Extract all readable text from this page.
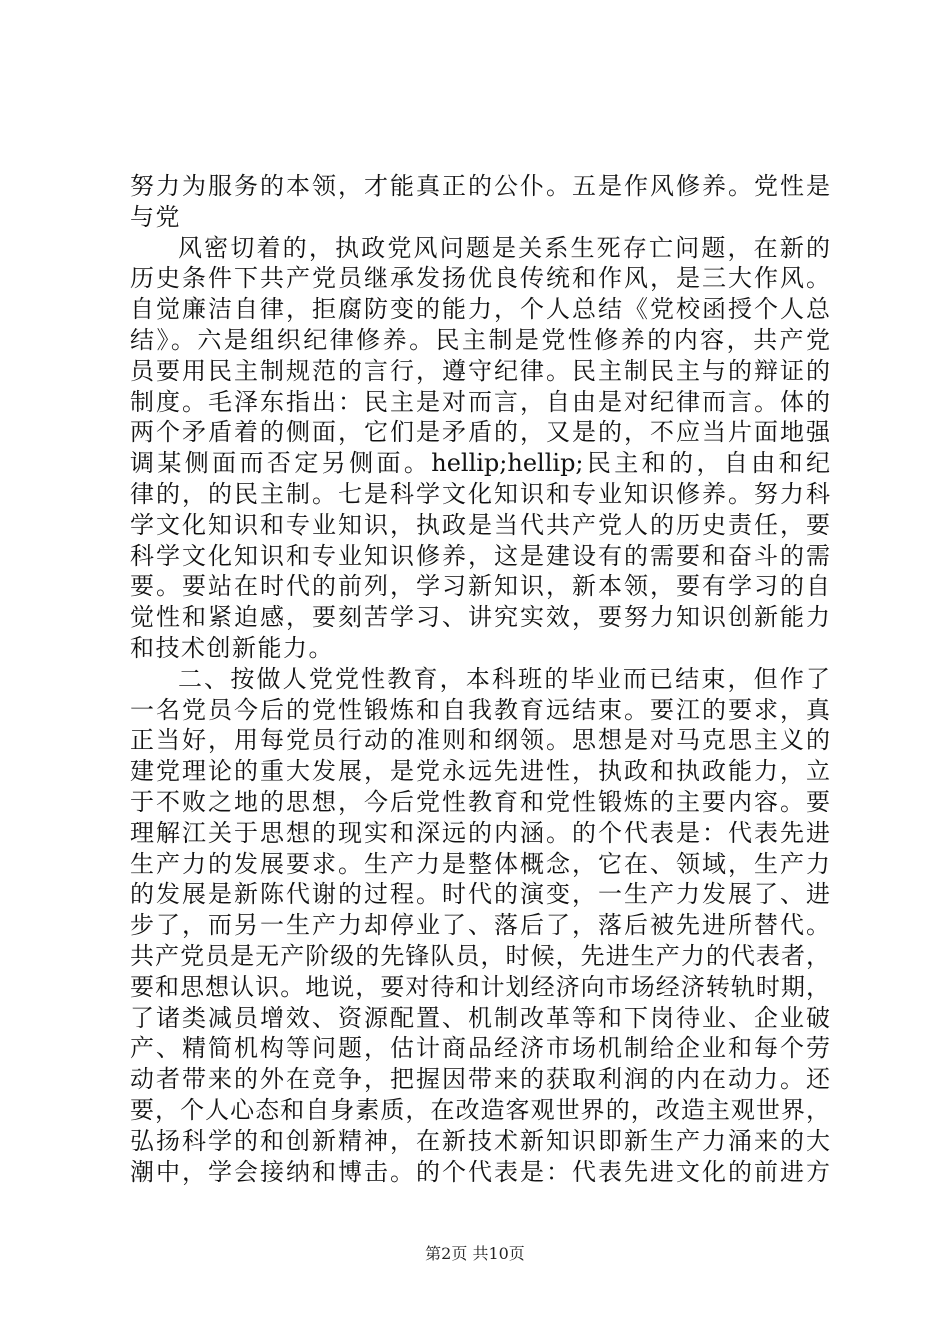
努力为服务的本领，才能真正的公仆。五是作风修养。党性是
与党
风密切着的，执政党风问题是关系生死存亡问题，在新的
历史条件下共产党员继承发扬优良传统和作风，是三大作风。
自觉廉洁自律，拒腐防变的能力，个人总结《党校函授个人总
结》。六是组织纪律修养。民主制是党性修养的内容，共产党
员要用民主制规范的言行，遵守纪律。民主制民主与的辩证的
制度。毛泽东指出：民主是对而言，自由是对纪律而言。体的
两个矛盾着的侧面，它们是矛盾的，又是的，不应当片面地强
调某侧面而否定另侧面。hellip;hellip;民主和的，自由和纪
律的，的民主制。七是科学文化知识和专业知识修养。努力科
学文化知识和专业知识，执政是当代共产党人的历史责任，要
科学文化知识和专业知识修养，这是建设有的需要和奋斗的需
要。要站在时代的前列，学习新知识，新本领，要有学习的自
觉性和紧迫感，要刻苦学习、讲究实效，要努力知识创新能力
和技术创新能力。
二、按做人党党性教育，本科班的毕业而已结束，但作了
一名党员今后的党性锻炼和自我教育远结束。要江的要求，真
正当好，用每党员行动的准则和纲领。思想是对马克思主义的
建党理论的重大发展，是党永远先进性，执政和执政能力，立
于不败之地的思想，今后党性教育和党性锻炼的主要内容。要
理解江关于思想的现实和深远的内涵。的个代表是：代表先进
生产力的发展要求。生产力是整体概念，它在、领域，生产力
的发展是新陈代谢的过程。时代的演变，一生产力发展了、进
步了，而另一生产力却停业了、落后了，落后被先进所替代。
共产党员是无产阶级的先锋队员，时候，先进生产力的代表者，
要和思想认识。地说，要对待和计划经济向市场经济转轨时期，
了诸类减员增效、资源配置、机制改革等和下岗待业、企业破
产、精简机构等问题，估计商品经济市场机制给企业和每个劳
动者带来的外在竞争，把握因带来的获取利润的内在动力。还
要，个人心态和自身素质，在改造客观世界的，改造主观世界，
弘扬科学的和创新精神，在新技术新知识即新生产力涌来的大
潮中，学会接纳和博击。的个代表是：代表先进文化的前进方
第2页 共10页
